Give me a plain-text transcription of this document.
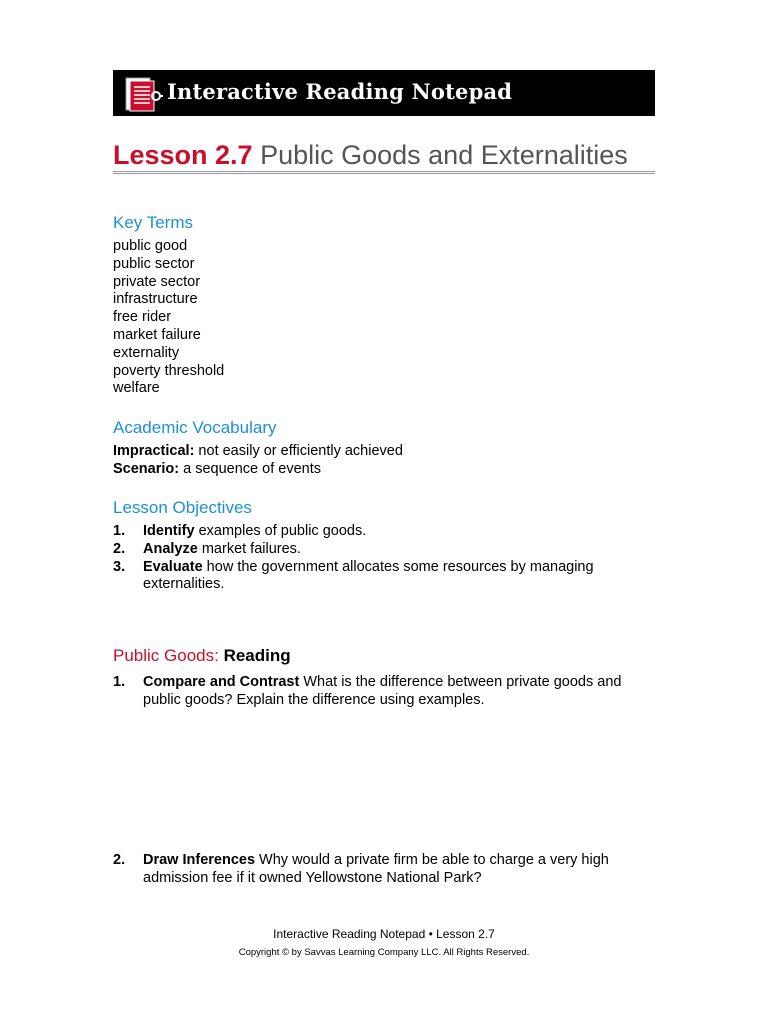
Interactive Reading Notepad
Lesson 2.7 Public Goods and Externalities
Key Terms
public good
public sector
private sector
infrastructure
free rider
market failure
externality
poverty threshold
welfare
Academic Vocabulary
Impractical: not easily or efficiently achieved
Scenario: a sequence of events
Lesson Objectives
1. Identify examples of public goods.
2. Analyze market failures.
3. Evaluate how the government allocates some resources by managing externalities.
Public Goods: Reading
1.	Compare and Contrast What is the difference between private goods and public goods? Explain the difference using examples.
2.	Draw Inferences Why would a private firm be able to charge a very high admission fee if it owned Yellowstone National Park?
Interactive Reading Notepad • Lesson 2.7
Copyright © by Savvas Learning Company LLC. All Rights Reserved.
